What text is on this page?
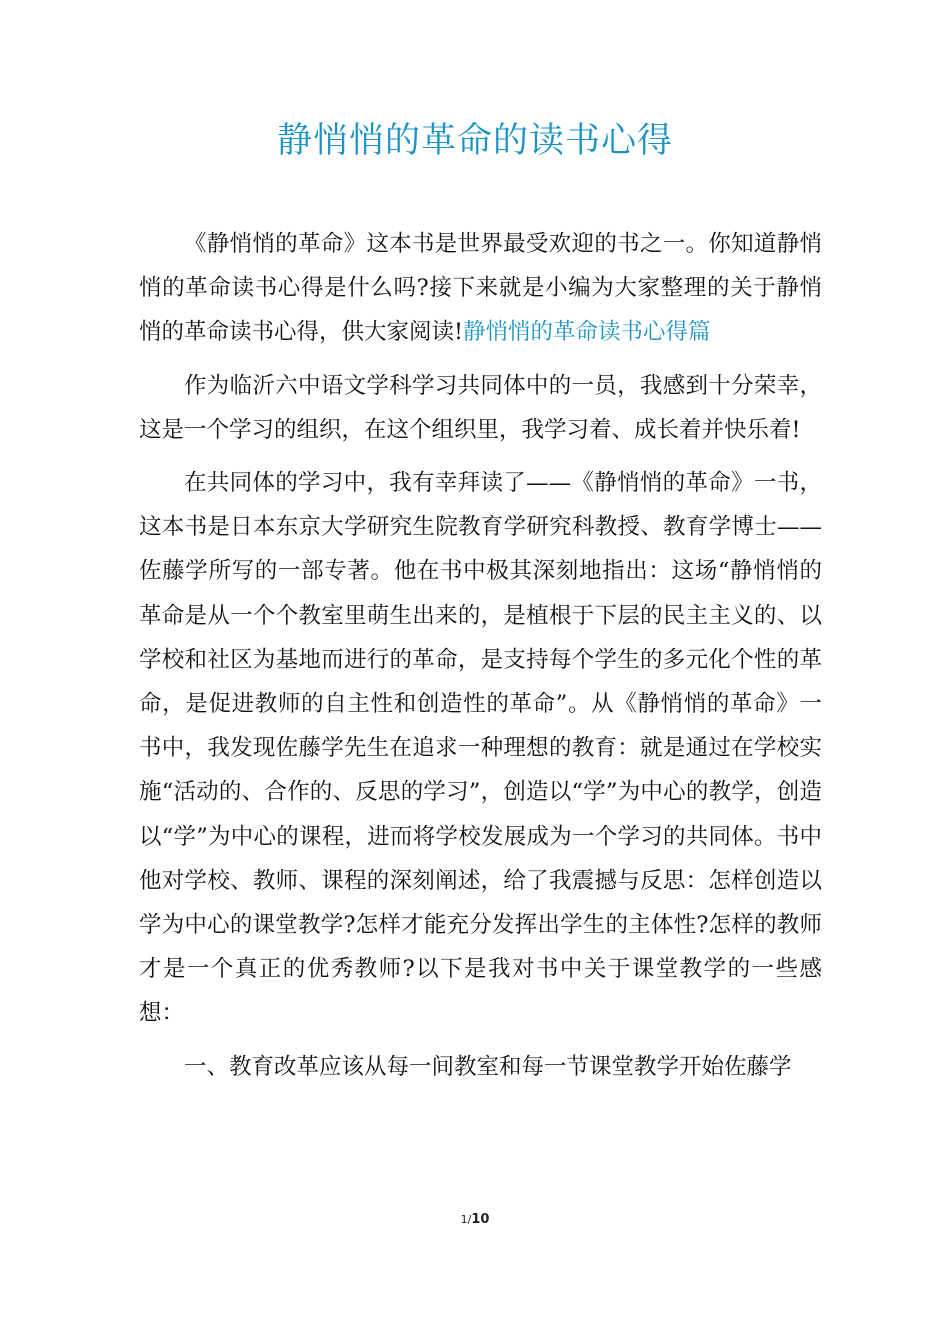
静悄悄的革命的读书心得

《静悄悄的革命》这本书是世界最受欢迎的书之一。你知道静悄悄的革命读书心得是什么吗?接下来就是小编为大家整理的关于静悄悄的革命读书心得，供大家阅读!静悄悄的革命读书心得篇

作为临沂六中语文学科学习共同体中的一员，我感到十分荣幸，这是一个学习的组织，在这个组织里，我学习着、成长着并快乐着!

在共同体的学习中，我有幸拜读了——《静悄悄的革命》一书，这本书是日本东京大学研究生院教育学研究科教授、教育学博士——佐藤学所写的一部专著。他在书中极其深刻地指出：这场“静悄悄的革命是从一个个教室里萌生出来的，是植根于下层的民主主义的、以学校和社区为基地而进行的革命，是支持每个学生的多元化个性的革命，是促进教师的自主性和创造性的革命”。从《静悄悄的革命》一书中，我发现佐藤学先生在追求一种理想的教育：就是通过在学校实施“活动的、合作的、反思的学习”，创造以“学”为中心的教学，创造以“学”为中心的课程，进而将学校发展成为一个学习的共同体。书中他对学校、教师、课程的深刻阐述，给了我震撼与反思：怎样创造以学为中心的课堂教学?怎样才能充分发挥出学生的主体性?怎样的教师才是一个真正的优秀教师?以下是我对书中关于课堂教学的一些感想：

一、教育改革应该从每一间教室和每一节课堂教学开始佐藤学

1/10
